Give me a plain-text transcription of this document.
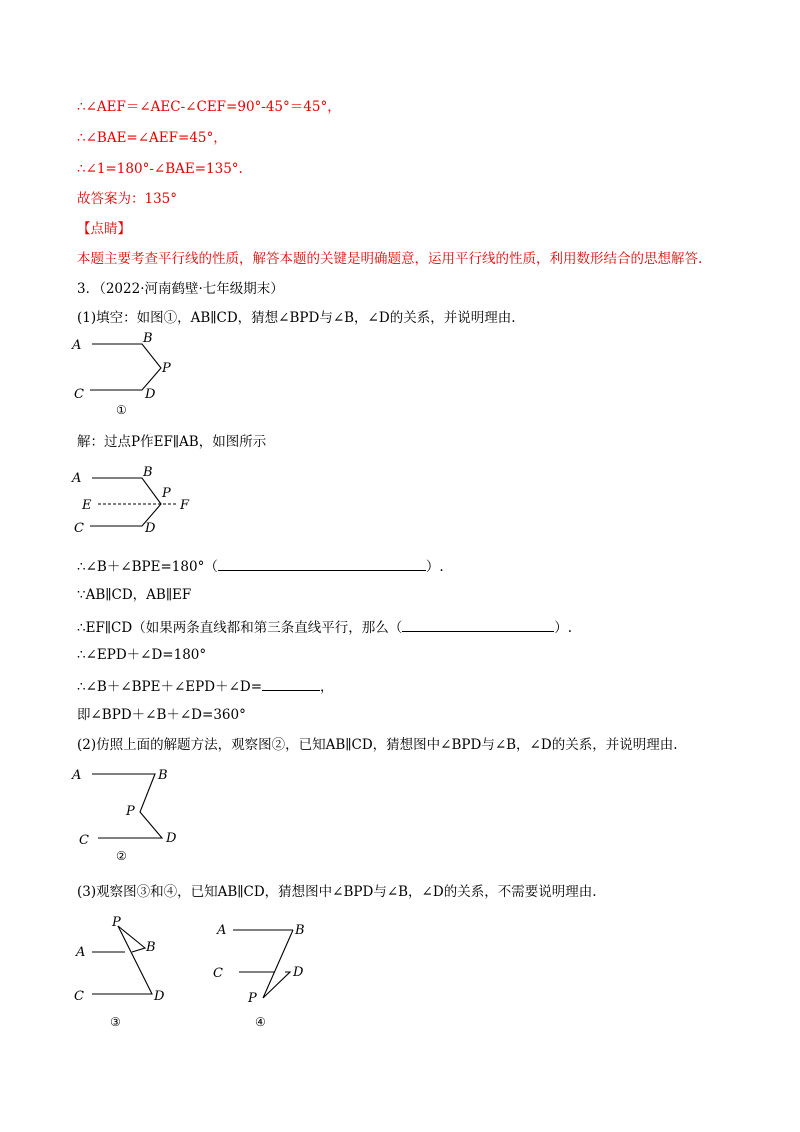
∴∠AEF＝∠AEC-∠CEF=90°-45°＝45°，
∴∠BAE=∠AEF=45°，
∴∠1=180°-∠BAE=135°.
故答案为：135°
【点睛】
本题主要考查平行线的性质，解答本题的关键是明确题意，运用平行线的性质，利用数形结合的思想解答.
3．（2022·河南鹤壁·七年级期末）
(1)填空：如图①，AB∥CD，猜想∠BPD与∠B，∠D的关系，并说明理由.
A	B
P
C	D
①
解：过点P作EF∥AB，如图所示
A	B
P
E	F
C	D
∴∠B＋∠BPE=180°（	）.
∵AB∥CD，AB∥EF
∴EF∥CD（如果两条直线都和第三条直线平行，那么（	）.
∴∠EPD＋∠D=180°
∴∠B＋∠BPE＋∠EPD＋∠D=	，
即∠BPD＋∠B＋∠D=360°
(2)仿照上面的解题方法，观察图②，已知AB∥CD，猜想图中∠BPD与∠B，∠D的关系，并说明理由.
A	B
P
C	D
②
(3)观察图③和④，已知AB∥CD，猜想图中∠BPD与∠B，∠D的关系，不需要说明理由.
P
A	B
C	D
③
A	B
C	D
P
④
